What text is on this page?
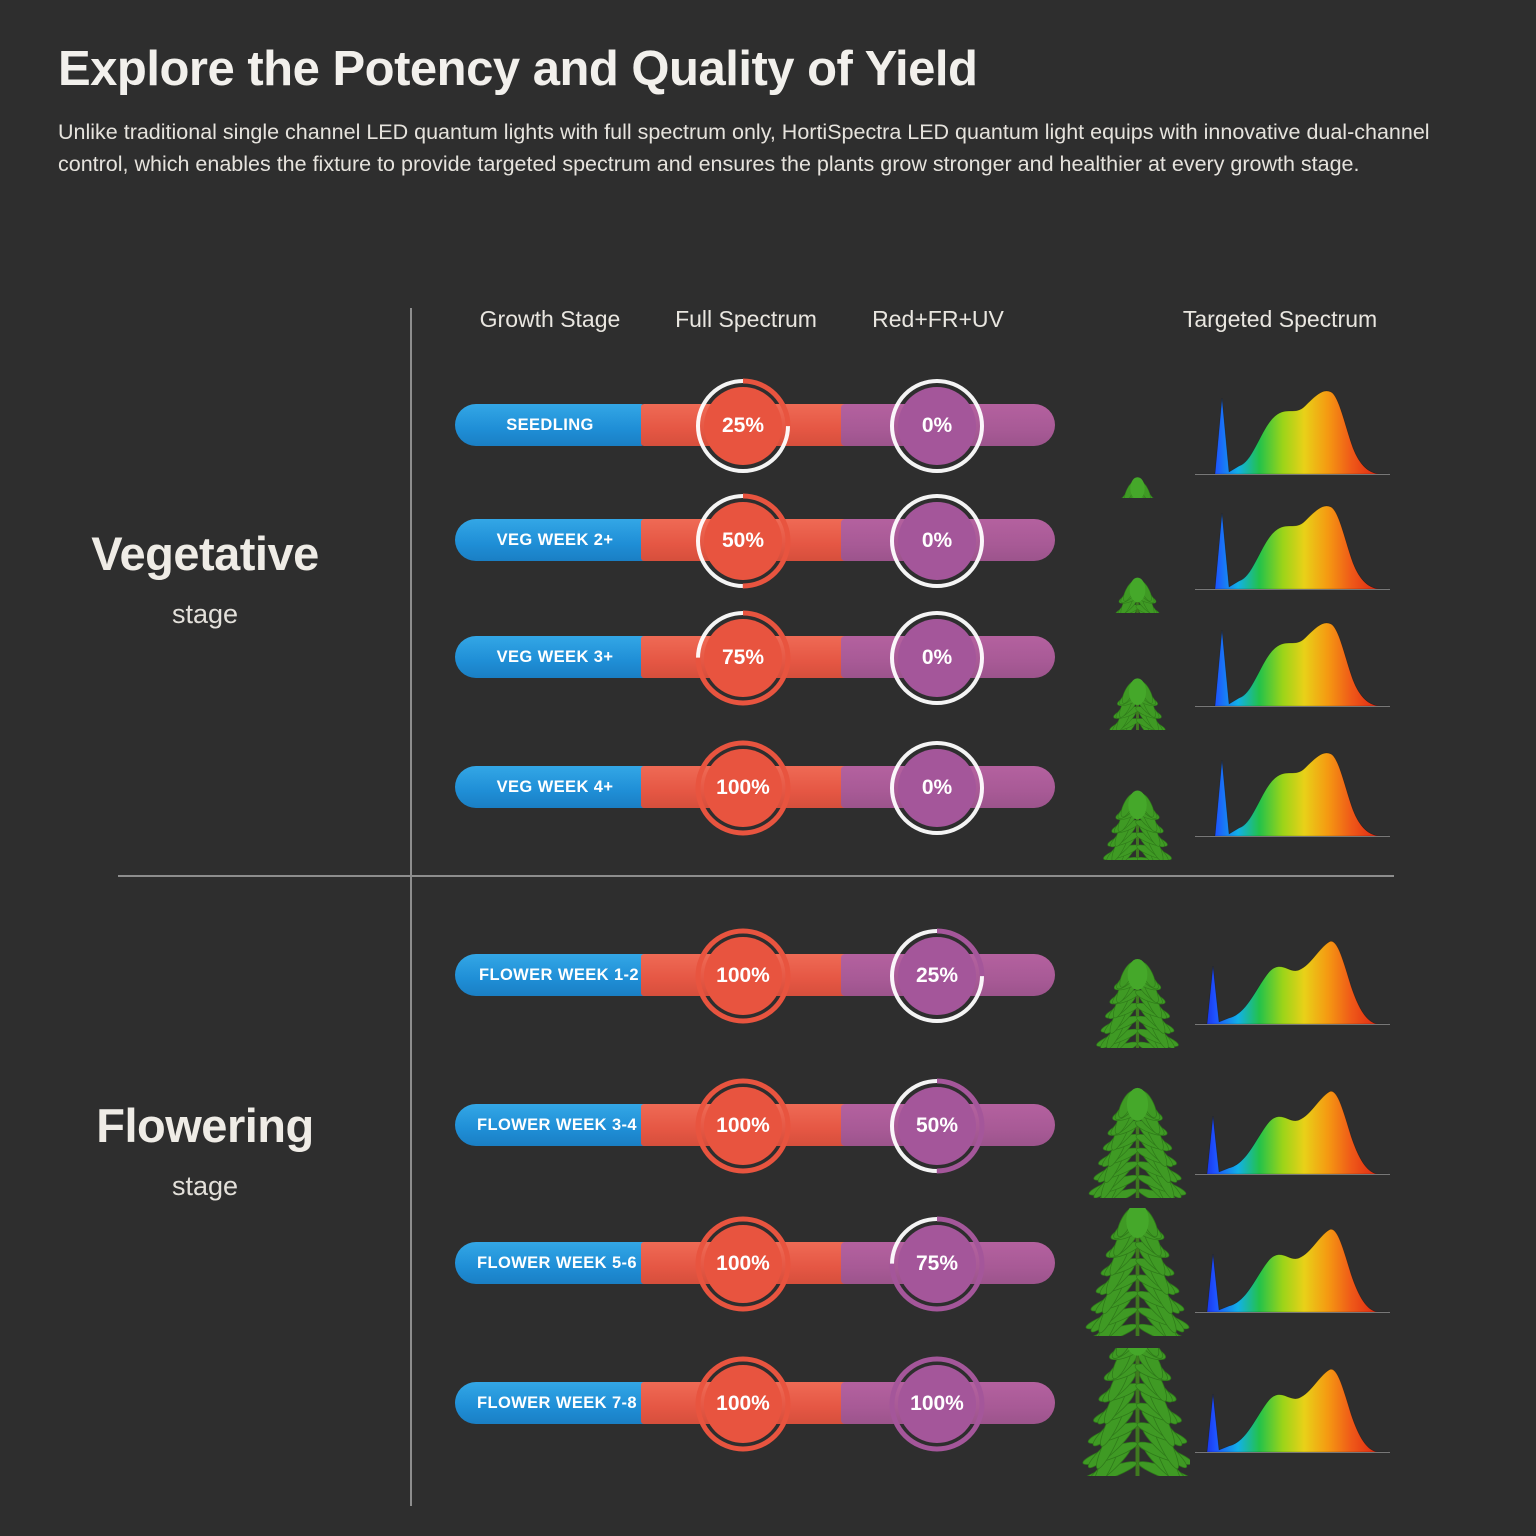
Explore the Potency and Quality of Yield

Unlike traditional single channel LED quantum lights with full spectrum only, HortiSpectra LED quantum light equips with innovative dual-channel control, which enables the fixture to provide targeted spectrum and ensures the plants grow stronger and healthier at every growth stage.

Growth Stage	Full Spectrum	Red+FR+UV	Targeted Spectrum
Vegetative
stage
Flowering
stage
SEEDLING	25%	0%
VEG WEEK 2+	50%	0%
VEG WEEK 3+	75%	0%
VEG WEEK 4+	100%	0%
FLOWER WEEK 1-2	100%	25%
FLOWER WEEK 3-4	100%	50%
FLOWER WEEK 5-6	100%	75%
FLOWER WEEK 7-8	100%	100%
